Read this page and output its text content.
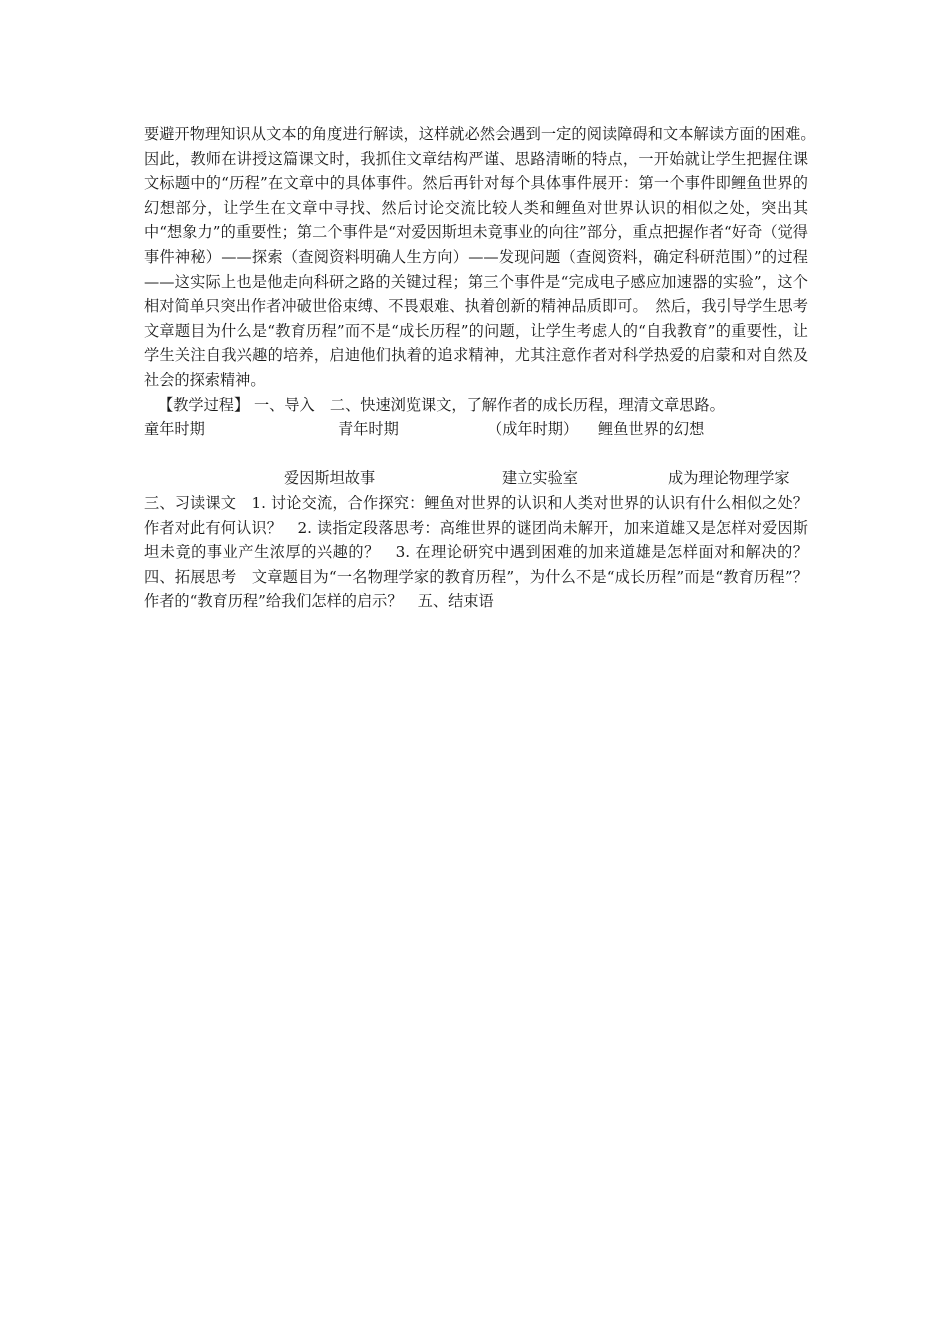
要避开物理知识从文本的角度进行解读，这样就必然会遇到一定的阅读障碍和文本解读方面的困难。　因此，教师在讲授这篇课文时，我抓住文章结构严谨、思路清晰的特点，一开始就让学生把握住课文标题中的“历程”在文章中的具体事件。然后再针对每个具体事件展开：第一个事件即鲤鱼世界的幻想部分，让学生在文章中寻找、然后讨论交流比较人类和鲤鱼对世界认识的相似之处，突出其中“想象力”的重要性；第二个事件是“对爱因斯坦未竟事业的向往”部分，重点把握作者“好奇（觉得事件神秘）——探索（查阅资料明确人生方向）——发现问题（查阅资料，确定科研范围）”的过程——这实际上也是他走向科研之路的关键过程；第三个事件是“完成电子感应加速器的实验”，这个相对简单只突出作者冲破世俗束缚、不畏艰难、执着创新的精神品质即可。　然后，我引导学生思考文章题目为什么是“教育历程”而不是“成长历程”的问题，让学生考虑人的“自我教育”的重要性，让学生关注自我兴趣的培养，启迪他们执着的追求精神，尤其注意作者对科学热爱的启蒙和对自然及社会的探索精神。

【教学过程】 一、导入　二、快速浏览课文，了解作者的成长历程，理清文章思路。
童年时期	青年时期	（成年时期） 鲤鱼世界的幻想
爱因斯坦故事	建立实验室	成为理论物理学家

三、习读课文　1. 讨论交流，合作探究：鲤鱼对世界的认识和人类对世界的认识有什么相似之处？作者对此有何认识？　2. 读指定段落思考：高维世界的谜团尚未解开，加来道雄又是怎样对爱因斯坦未竟的事业产生浓厚的兴趣的？　3. 在理论研究中遇到困难的加来道雄是怎样面对和解决的？　四、拓展思考　文章题目为“一名物理学家的教育历程”，为什么不是“成长历程”而是“教育历程”？作者的“教育历程”给我们怎样的启示？　五、结束语
